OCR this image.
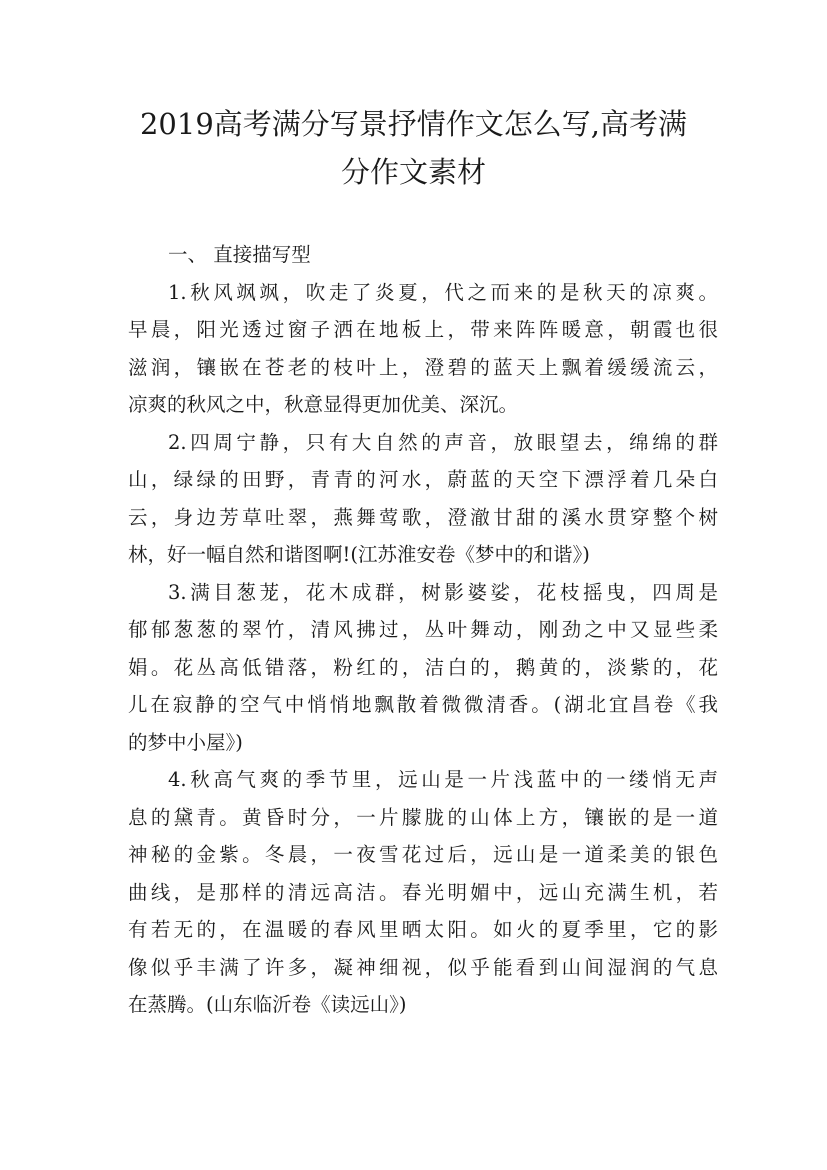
2019高考满分写景抒情作文怎么写,高考满
分作文素材
一、 直接描写型
1.秋风飒飒，吹走了炎夏，代之而来的是秋天的凉爽。
早晨，阳光透过窗子洒在地板上，带来阵阵暖意，朝霞也很
滋润，镶嵌在苍老的枝叶上，澄碧的蓝天上飘着缓缓流云，
凉爽的秋风之中，秋意显得更加优美、深沉。
2.四周宁静，只有大自然的声音，放眼望去，绵绵的群
山，绿绿的田野，青青的河水，蔚蓝的天空下漂浮着几朵白
云，身边芳草吐翠，燕舞莺歌，澄澈甘甜的溪水贯穿整个树
林，好一幅自然和谐图啊!(江苏淮安卷《梦中的和谐》)
3.满目葱茏，花木成群，树影婆娑，花枝摇曳，四周是
郁郁葱葱的翠竹，清风拂过，丛叶舞动，刚劲之中又显些柔
娟。花丛高低错落，粉红的，洁白的，鹅黄的，淡紫的，花
儿在寂静的空气中悄悄地飘散着微微清香。(湖北宜昌卷《我
的梦中小屋》)
4.秋高气爽的季节里，远山是一片浅蓝中的一缕悄无声
息的黛青。黄昏时分，一片朦胧的山体上方，镶嵌的是一道
神秘的金紫。冬晨，一夜雪花过后，远山是一道柔美的银色
曲线，是那样的清远高洁。春光明媚中，远山充满生机，若
有若无的，在温暖的春风里晒太阳。如火的夏季里，它的影
像似乎丰满了许多，凝神细视，似乎能看到山间湿润的气息
在蒸腾。(山东临沂卷《读远山》)
